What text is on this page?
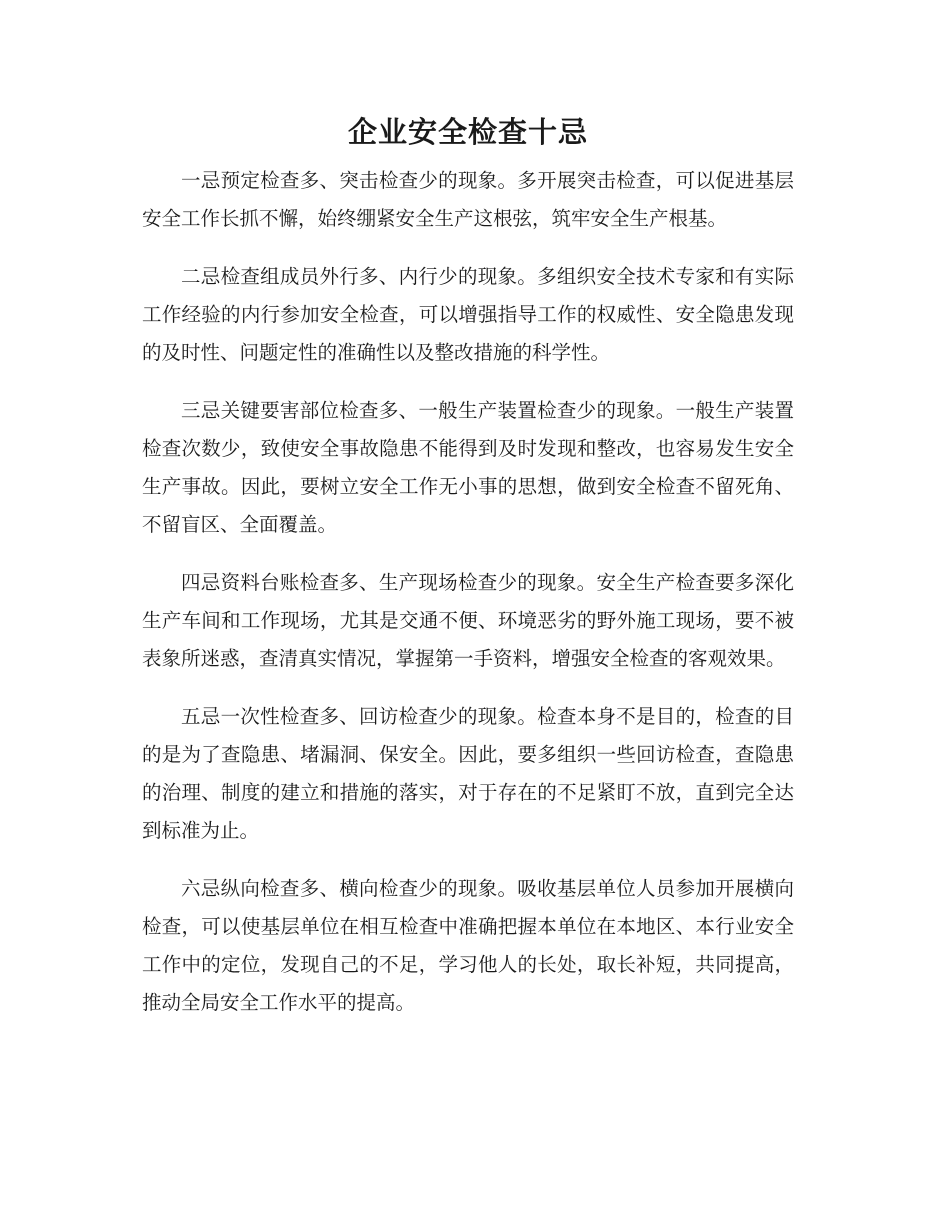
企业安全检查十忌

一忌预定检查多、突击检查少的现象。多开展突击检查，可以促进基层安全工作长抓不懈，始终绷紧安全生产这根弦，筑牢安全生产根基。

二忌检查组成员外行多、内行少的现象。多组织安全技术专家和有实际工作经验的内行参加安全检查，可以增强指导工作的权威性、安全隐患发现的及时性、问题定性的准确性以及整改措施的科学性。

三忌关键要害部位检查多、一般生产装置检查少的现象。一般生产装置检查次数少，致使安全事故隐患不能得到及时发现和整改，也容易发生安全生产事故。因此，要树立安全工作无小事的思想，做到安全检查不留死角、不留盲区、全面覆盖。

四忌资料台账检查多、生产现场检查少的现象。安全生产检查要多深化生产车间和工作现场，尤其是交通不便、环境恶劣的野外施工现场，要不被表象所迷惑，查清真实情况，掌握第一手资料，增强安全检查的客观效果。

五忌一次性检查多、回访检查少的现象。检查本身不是目的，检查的目的是为了查隐患、堵漏洞、保安全。因此，要多组织一些回访检查，查隐患的治理、制度的建立和措施的落实，对于存在的不足紧盯不放，直到完全达到标准为止。

六忌纵向检查多、横向检查少的现象。吸收基层单位人员参加开展横向检查，可以使基层单位在相互检查中准确把握本单位在本地区、本行业安全工作中的定位，发现自己的不足，学习他人的长处，取长补短，共同提高，推动全局安全工作水平的提高。
